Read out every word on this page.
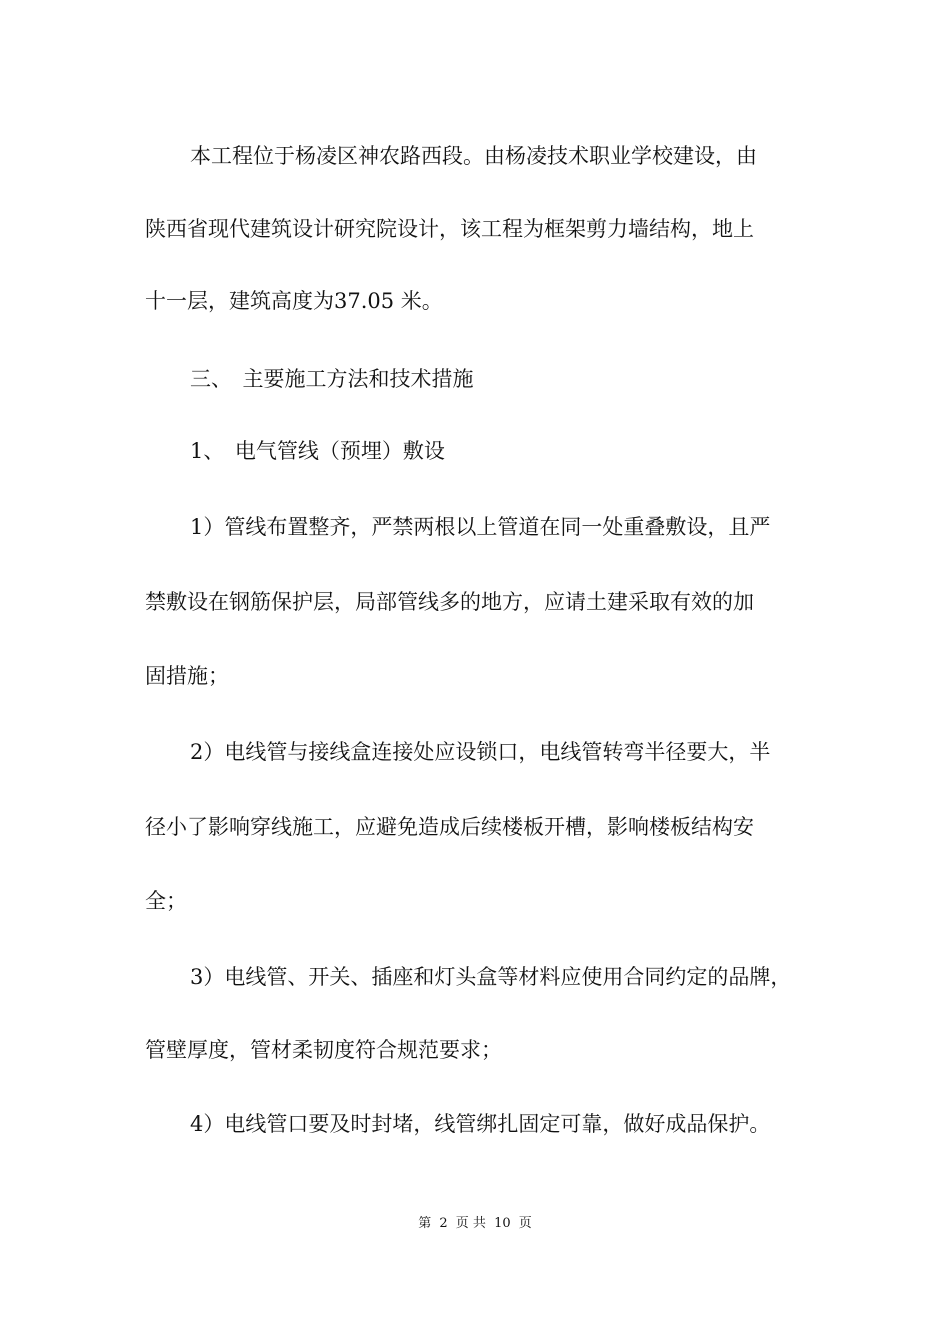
本工程位于杨凌区神农路西段。由杨凌技术职业学校建设，由
陕西省现代建筑设计研究院设计，该工程为框架剪力墙结构，地上
十一层，建筑高度为37.05 米。
三、　主要施工方法和技术措施
1、　电气管线（预埋）敷设
1）管线布置整齐，严禁两根以上管道在同一处重叠敷设，且严
禁敷设在钢筋保护层，局部管线多的地方，应请土建采取有效的加
固措施；
2）电线管与接线盒连接处应设锁口，电线管转弯半径要大，半
径小了影响穿线施工，应避免造成后续楼板开槽，影响楼板结构安
全；
3）电线管、开关、插座和灯头盒等材料应使用合同约定的品牌，
管壁厚度，管材柔韧度符合规范要求；
4）电线管口要及时封堵，线管绑扎固定可靠，做好成品保护。
第 2 页 共 10 页
